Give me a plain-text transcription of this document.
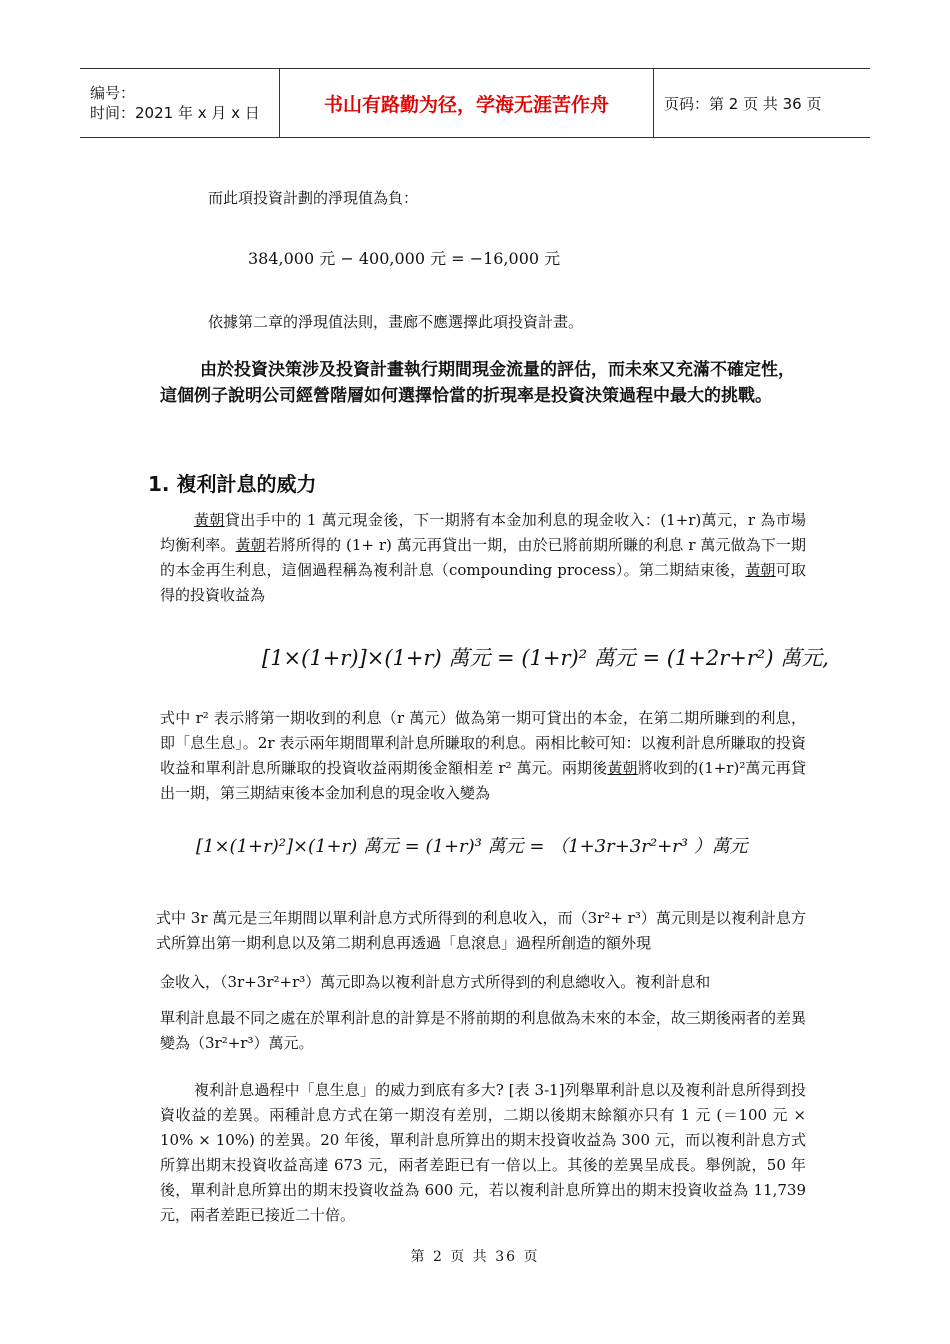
编号：
时间：2021 年 x 月 x 日	书山有路勤为径，学海无涯苦作舟	页码：第 2 页 共 36 页

而此項投資計劃的淨現值為負：

384,000 元 − 400,000 元 = −16,000 元

依據第二章的淨現值法則，畫廊不應選擇此項投資計畫。

由於投資決策涉及投資計畫執行期間現金流量的評估，而未來又充滿不確定性，這個例子說明公司經營階層如何選擇恰當的折現率是投資決策過程中最大的挑戰。

1. 複利計息的威力

黃朝貸出手中的 1 萬元現金後，下一期將有本金加利息的現金收入：(1+r)萬元，r 為市場均衡利率。黃朝若將所得的 (1+ r) 萬元再貸出一期，由於已將前期所賺的利息 r 萬元做為下一期的本金再生利息，這個過程稱為複利計息（compounding process）。第二期結束後，黃朝可取得的投資收益為

[1×(1+r)]×(1+r) 萬元 = (1+r)² 萬元 = (1+2r+r²) 萬元,

式中 r² 表示將第一期收到的利息（r 萬元）做為第一期可貸出的本金，在第二期所賺到的利息，即「息生息」。2r 表示兩年期間單利計息所賺取的利息。兩相比較可知：以複利計息所賺取的投資收益和單利計息所賺取的投資收益兩期後金額相差 r² 萬元。兩期後黃朝將收到的(1+r)²萬元再貸出一期，第三期結束後本金加利息的現金收入變為

[1×(1+r)²]×(1+r) 萬元 = (1+r)³ 萬元 = （1+3r+3r²+r³ ）萬元

式中 3r 萬元是三年期間以單利計息方式所得到的利息收入，而（3r²+ r³）萬元則是以複利計息方式所算出第一期利息以及第二期利息再透過「息滾息」過程所創造的額外現

金收入，（3r+3r²+r³）萬元即為以複利計息方式所得到的利息總收入。複利計息和

單利計息最不同之處在於單利計息的計算是不將前期的利息做為未來的本金，故三期後兩者的差異變為（3r²+r³）萬元。

複利計息過程中「息生息」的威力到底有多大? [表 3-1]列舉單利計息以及複利計息所得到投資收益的差異。兩種計息方式在第一期沒有差別，二期以後期末餘額亦只有 1 元 (＝100 元 × 10% × 10%) 的差異。20 年後，單利計息所算出的期末投資收益為 300 元，而以複利計息方式所算出期末投資收益高達 673 元，兩者差距已有一倍以上。其後的差異呈成長。舉例說，50 年後，單利計息所算出的期末投資收益為 600 元，若以複利計息所算出的期末投資收益為 11,739 元，兩者差距已接近二十倍。

第 2 页 共 36 页
